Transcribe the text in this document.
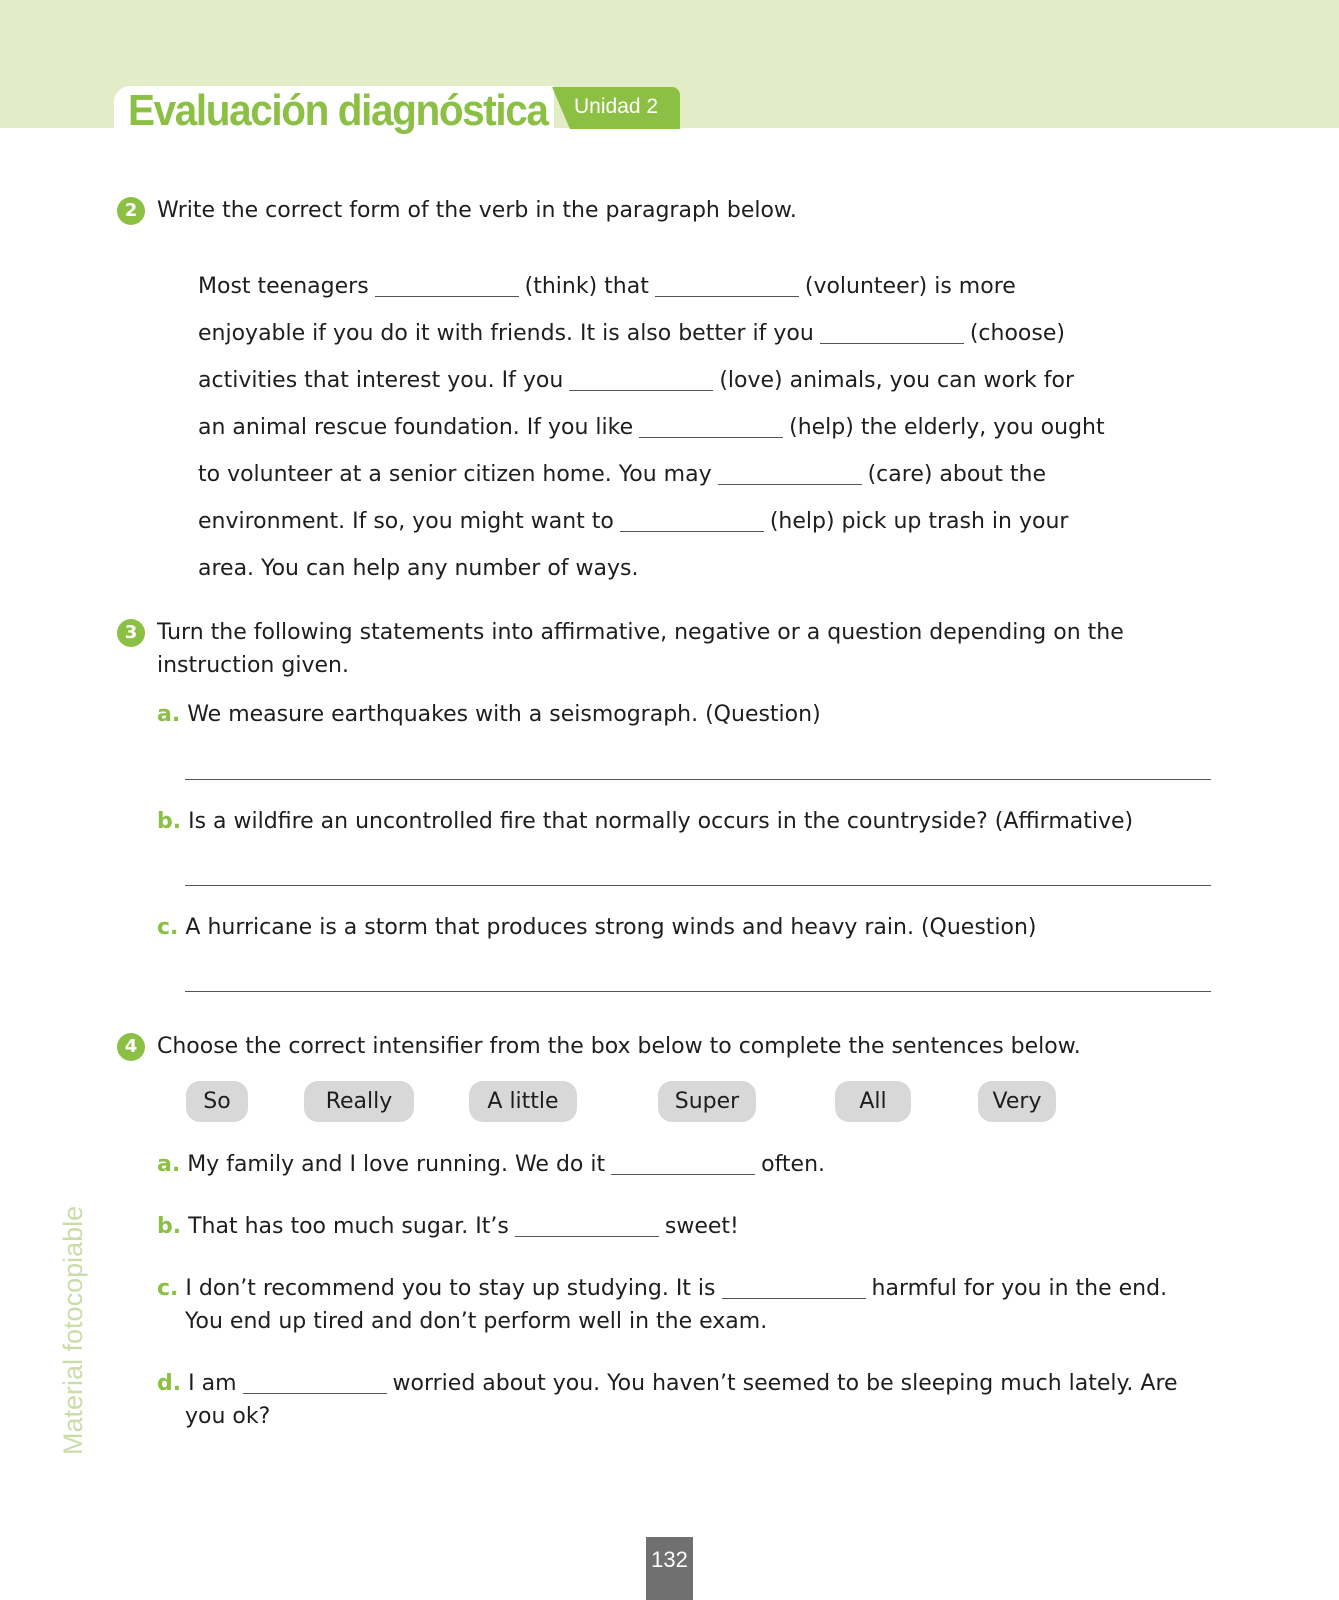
Evaluación diagnóstica Unidad 2
2 Write the correct form of the verb in the paragraph below.
Most teenagers	(think) that	(volunteer) is more
enjoyable if you do it with friends. It is also better if you	(choose)
activities that interest you. If you	(love) animals, you can work for
an animal rescue foundation. If you like	(help) the elderly, you ought
to volunteer at a senior citizen home. You may	(care) about the
environment. If so, you might want to	(help) pick up trash in your
area. You can help any number of ways.
3 Turn the following statements into affirmative, negative or a question depending on the
instruction given.
a. We measure earthquakes with a seismograph. (Question)
b. Is a wildfire an uncontrolled fire that normally occurs in the countryside? (Affirmative)
c. A hurricane is a storm that produces strong winds and heavy rain. (Question)
4 Choose the correct intensifier from the box below to complete the sentences below.
So	Really	A little	Super	All	Very
a. My family and I love running. We do it	often.
b. That has too much sugar. It’s	sweet!
c. I don’t recommend you to stay up studying. It is	harmful for you in the end.
You end up tired and don’t perform well in the exam.
d. I am	worried about you. You haven’t seemed to be sleeping much lately. Are
you ok?
Material fotocopiable
132
